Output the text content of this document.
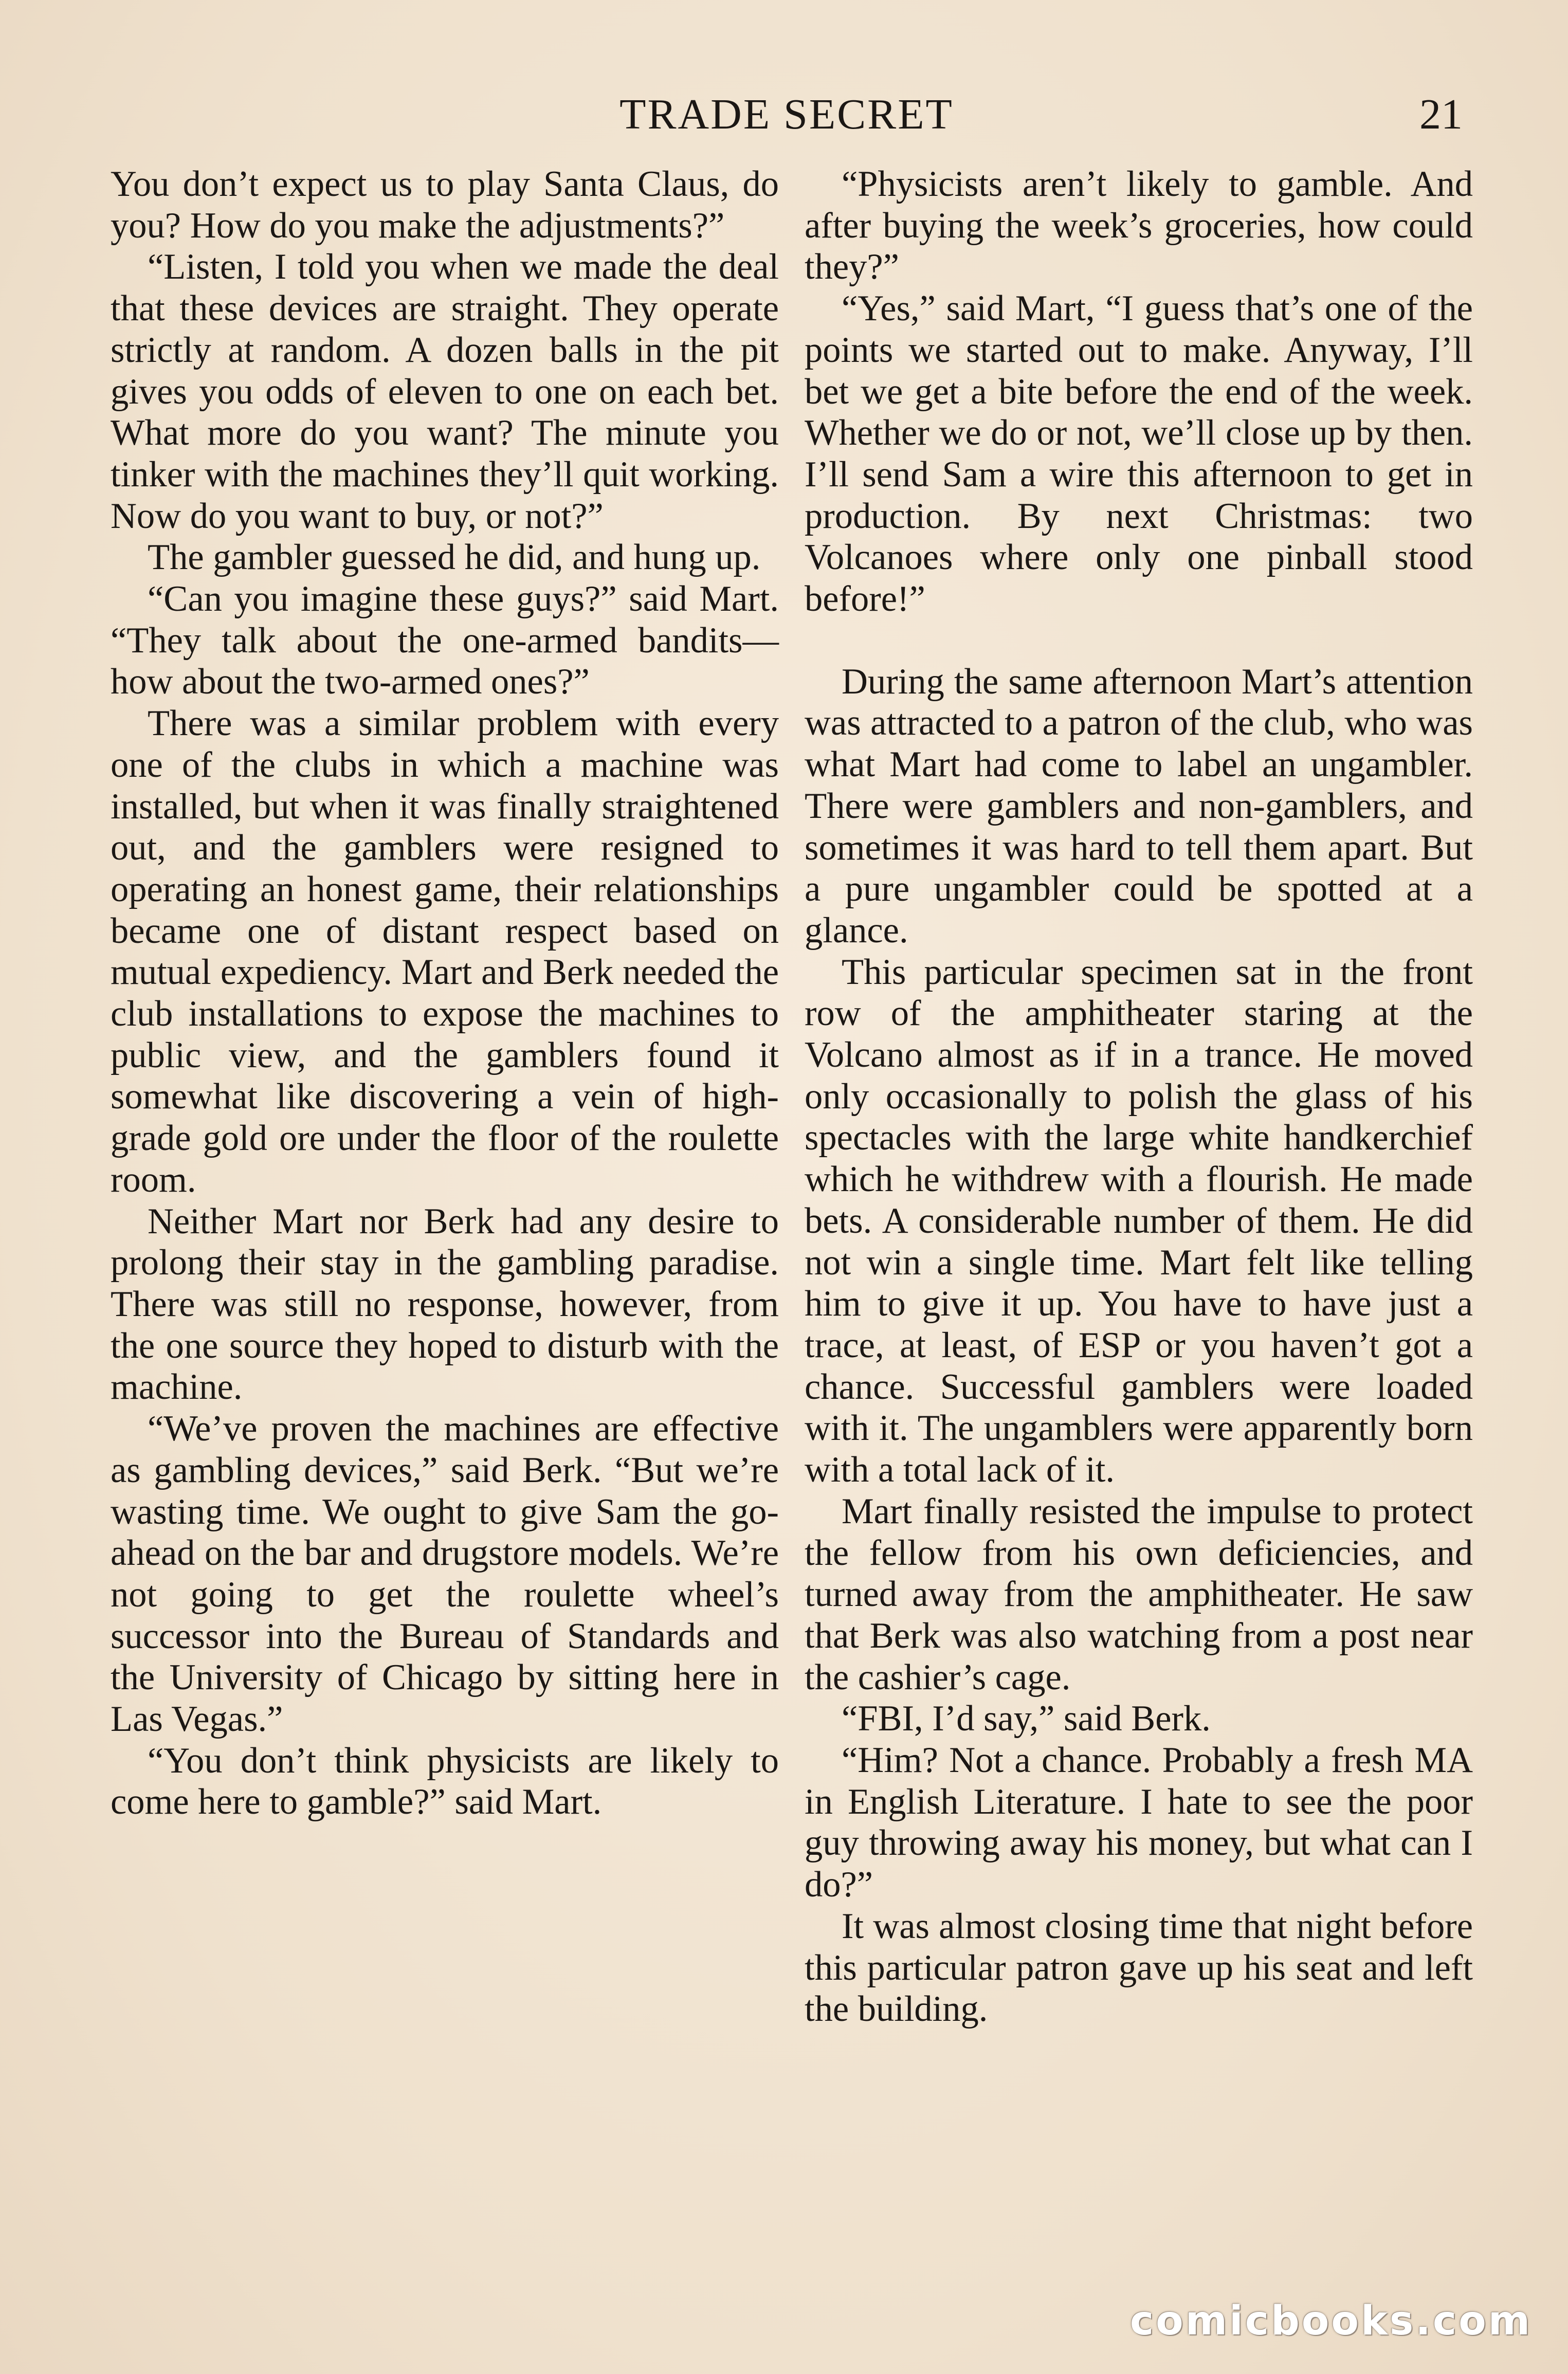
TRADE SECRET	21

You don’t expect us to play Santa Claus, do you? How do you make the adjustments?”

“Listen, I told you when we made the deal that these devices are straight. They operate strictly at random. A dozen balls in the pit gives you odds of eleven to one on each bet. What more do you want? The minute you tinker with the machines they’ll quit working. Now do you want to buy, or not?”

The gambler guessed he did, and hung up.

“Can you imagine these guys?” said Mart. “They talk about the one-armed bandits—how about the two-armed ones?”

There was a similar problem with every one of the clubs in which a machine was installed, but when it was finally straightened out, and the gamblers were resigned to operating an honest game, their relationships became one of distant respect based on mutual expediency. Mart and Berk needed the club installations to expose the machines to public view, and the gamblers found it somewhat like discovering a vein of high-grade gold ore under the floor of the roulette room.

Neither Mart nor Berk had any desire to prolong their stay in the gambling paradise. There was still no response, however, from the one source they hoped to disturb with the machine.

“We’ve proven the machines are effective as gambling devices,” said Berk. “But we’re wasting time. We ought to give Sam the go-ahead on the bar and drugstore models. We’re not going to get the roulette wheel’s successor into the Bureau of Standards and the University of Chicago by sitting here in Las Vegas.”

“You don’t think physicists are likely to come here to gamble?” said Mart.

“Physicists aren’t likely to gamble. And after buying the week’s groceries, how could they?”

“Yes,” said Mart, “I guess that’s one of the points we started out to make. Anyway, I’ll bet we get a bite before the end of the week. Whether we do or not, we’ll close up by then. I’ll send Sam a wire this afternoon to get in production. By next Christmas: two Volcanoes where only one pinball stood before!”

During the same afternoon Mart’s attention was attracted to a patron of the club, who was what Mart had come to label an ungambler. There were gamblers and non-gamblers, and sometimes it was hard to tell them apart. But a pure ungambler could be spotted at a glance.

This particular specimen sat in the front row of the amphitheater staring at the Volcano almost as if in a trance. He moved only occasionally to polish the glass of his spectacles with the large white handkerchief which he withdrew with a flourish. He made bets. A considerable number of them. He did not win a single time. Mart felt like telling him to give it up. You have to have just a trace, at least, of ESP or you haven’t got a chance. Successful gamblers were loaded with it. The ungamblers were apparently born with a total lack of it.

Mart finally resisted the impulse to protect the fellow from his own deficiencies, and turned away from the amphitheater. He saw that Berk was also watching from a post near the cashier’s cage.

“FBI, I’d say,” said Berk.

“Him? Not a chance. Probably a fresh MA in English Literature. I hate to see the poor guy throwing away his money, but what can I do?”

It was almost closing time that night before this particular patron gave up his seat and left the building.

comicbooks.com
